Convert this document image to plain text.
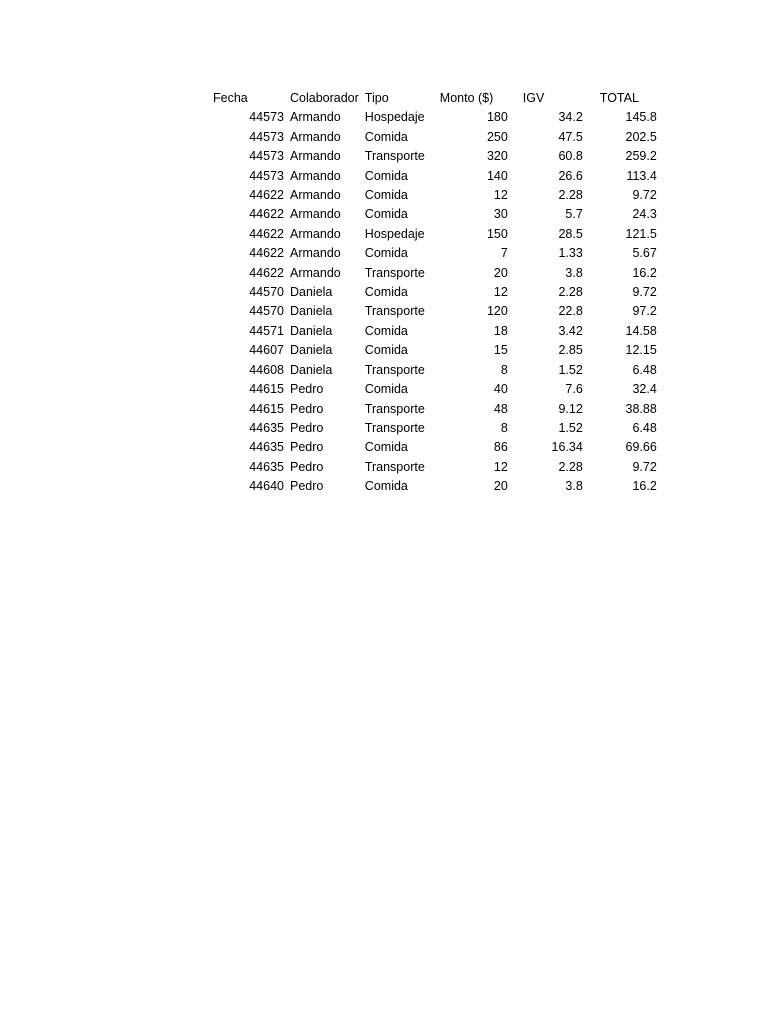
Fecha	Colaborador	Tipo	Monto ($)	IGV	TOTAL
44573	Armando	Hospedaje	180	34.2	145.8
44573	Armando	Comida	250	47.5	202.5
44573	Armando	Transporte	320	60.8	259.2
44573	Armando	Comida	140	26.6	113.4
44622	Armando	Comida	12	2.28	9.72
44622	Armando	Comida	30	5.7	24.3
44622	Armando	Hospedaje	150	28.5	121.5
44622	Armando	Comida	7	1.33	5.67
44622	Armando	Transporte	20	3.8	16.2
44570	Daniela	Comida	12	2.28	9.72
44570	Daniela	Transporte	120	22.8	97.2
44571	Daniela	Comida	18	3.42	14.58
44607	Daniela	Comida	15	2.85	12.15
44608	Daniela	Transporte	8	1.52	6.48
44615	Pedro	Comida	40	7.6	32.4
44615	Pedro	Transporte	48	9.12	38.88
44635	Pedro	Transporte	8	1.52	6.48
44635	Pedro	Comida	86	16.34	69.66
44635	Pedro	Transporte	12	2.28	9.72
44640	Pedro	Comida	20	3.8	16.2
